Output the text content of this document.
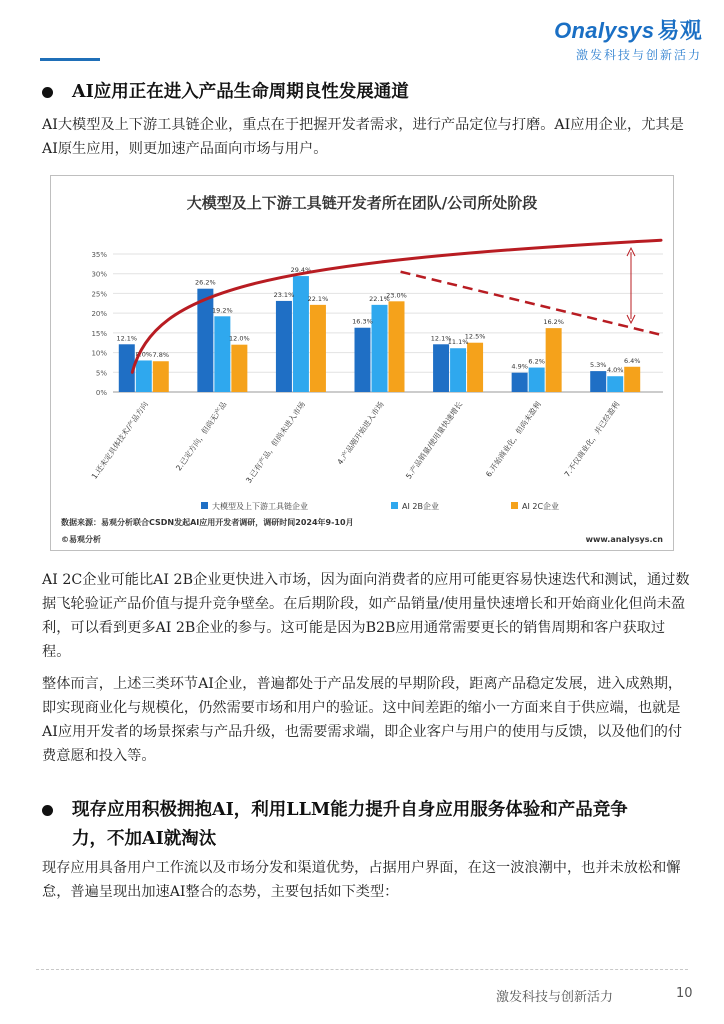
Onalysys 易观
激发科技与创新活力
AI应用正在进入产品生命周期良性发展通道
AI大模型及上下游工具链企业，重点在于把握开发者需求，进行产品定位与打磨。AI应用企业，尤其是AI原生应用，则更加速产品面向市场与用户。
大模型及上下游工具链开发者所在团队/公司所处阶段
0%
5%
10%
15%
20%
25%
30%
35%
12.1%
8.0% 7.8%
26.2%
19.2%
12.0%
23.1%
29.4%
22.1%
16.3%
22.1%
23.0%
12.1%
11.1%
12.5%
4.9%
6.2%
16.2%
5.3%
4.0%
6.4%
1.还未定具体技术/产品方向	2.已定方向，但尚无产品 3.已有产品，但尚未进入市场	4.产品刚开始进入市场 5.产品销量/使用量快速增长	6.开始商业化，但尚未盈利	7.不仅商业化，并已经盈利
大模型及上下游工具链企业	AI 2B企业	AI 2C企业
数据来源：易观分析联合CSDN发起AI应用开发者调研，调研时间2024年9-10月
©易观分析	www.analysys.cn
AI 2C企业可能比AI 2B企业更快进入市场，因为面向消费者的应用可能更容易快速迭代和测试，通过数据飞轮验证产品价值与提升竞争壁垒。在后期阶段，如产品销量/使用量快速增长和开始商业化但尚未盈利，可以看到更多AI 2B企业的参与。这可能是因为B2B应用通常需要更长的销售周期和客户获取过程。
整体而言，上述三类环节AI企业，普遍都处于产品发展的早期阶段，距离产品稳定发展，进入成熟期，即实现商业化与规模化，仍然需要市场和用户的验证。这中间差距的缩小一方面来自于供应端，也就是AI应用开发者的场景探索与产品升级，也需要需求端，即企业客户与用户的使用与反馈，以及他们的付费意愿和投入等。
现存应用积极拥抱AI，利用LLM能力提升自身应用服务体验和产品竞争
力，不加AI就淘汰
现存应用具备用户工作流以及市场分发和渠道优势，占据用户界面，在这一波浪潮中，也并未放松和懈怠，普遍呈现出加速AI整合的态势，主要包括如下类型：
激发科技与创新活力	10
